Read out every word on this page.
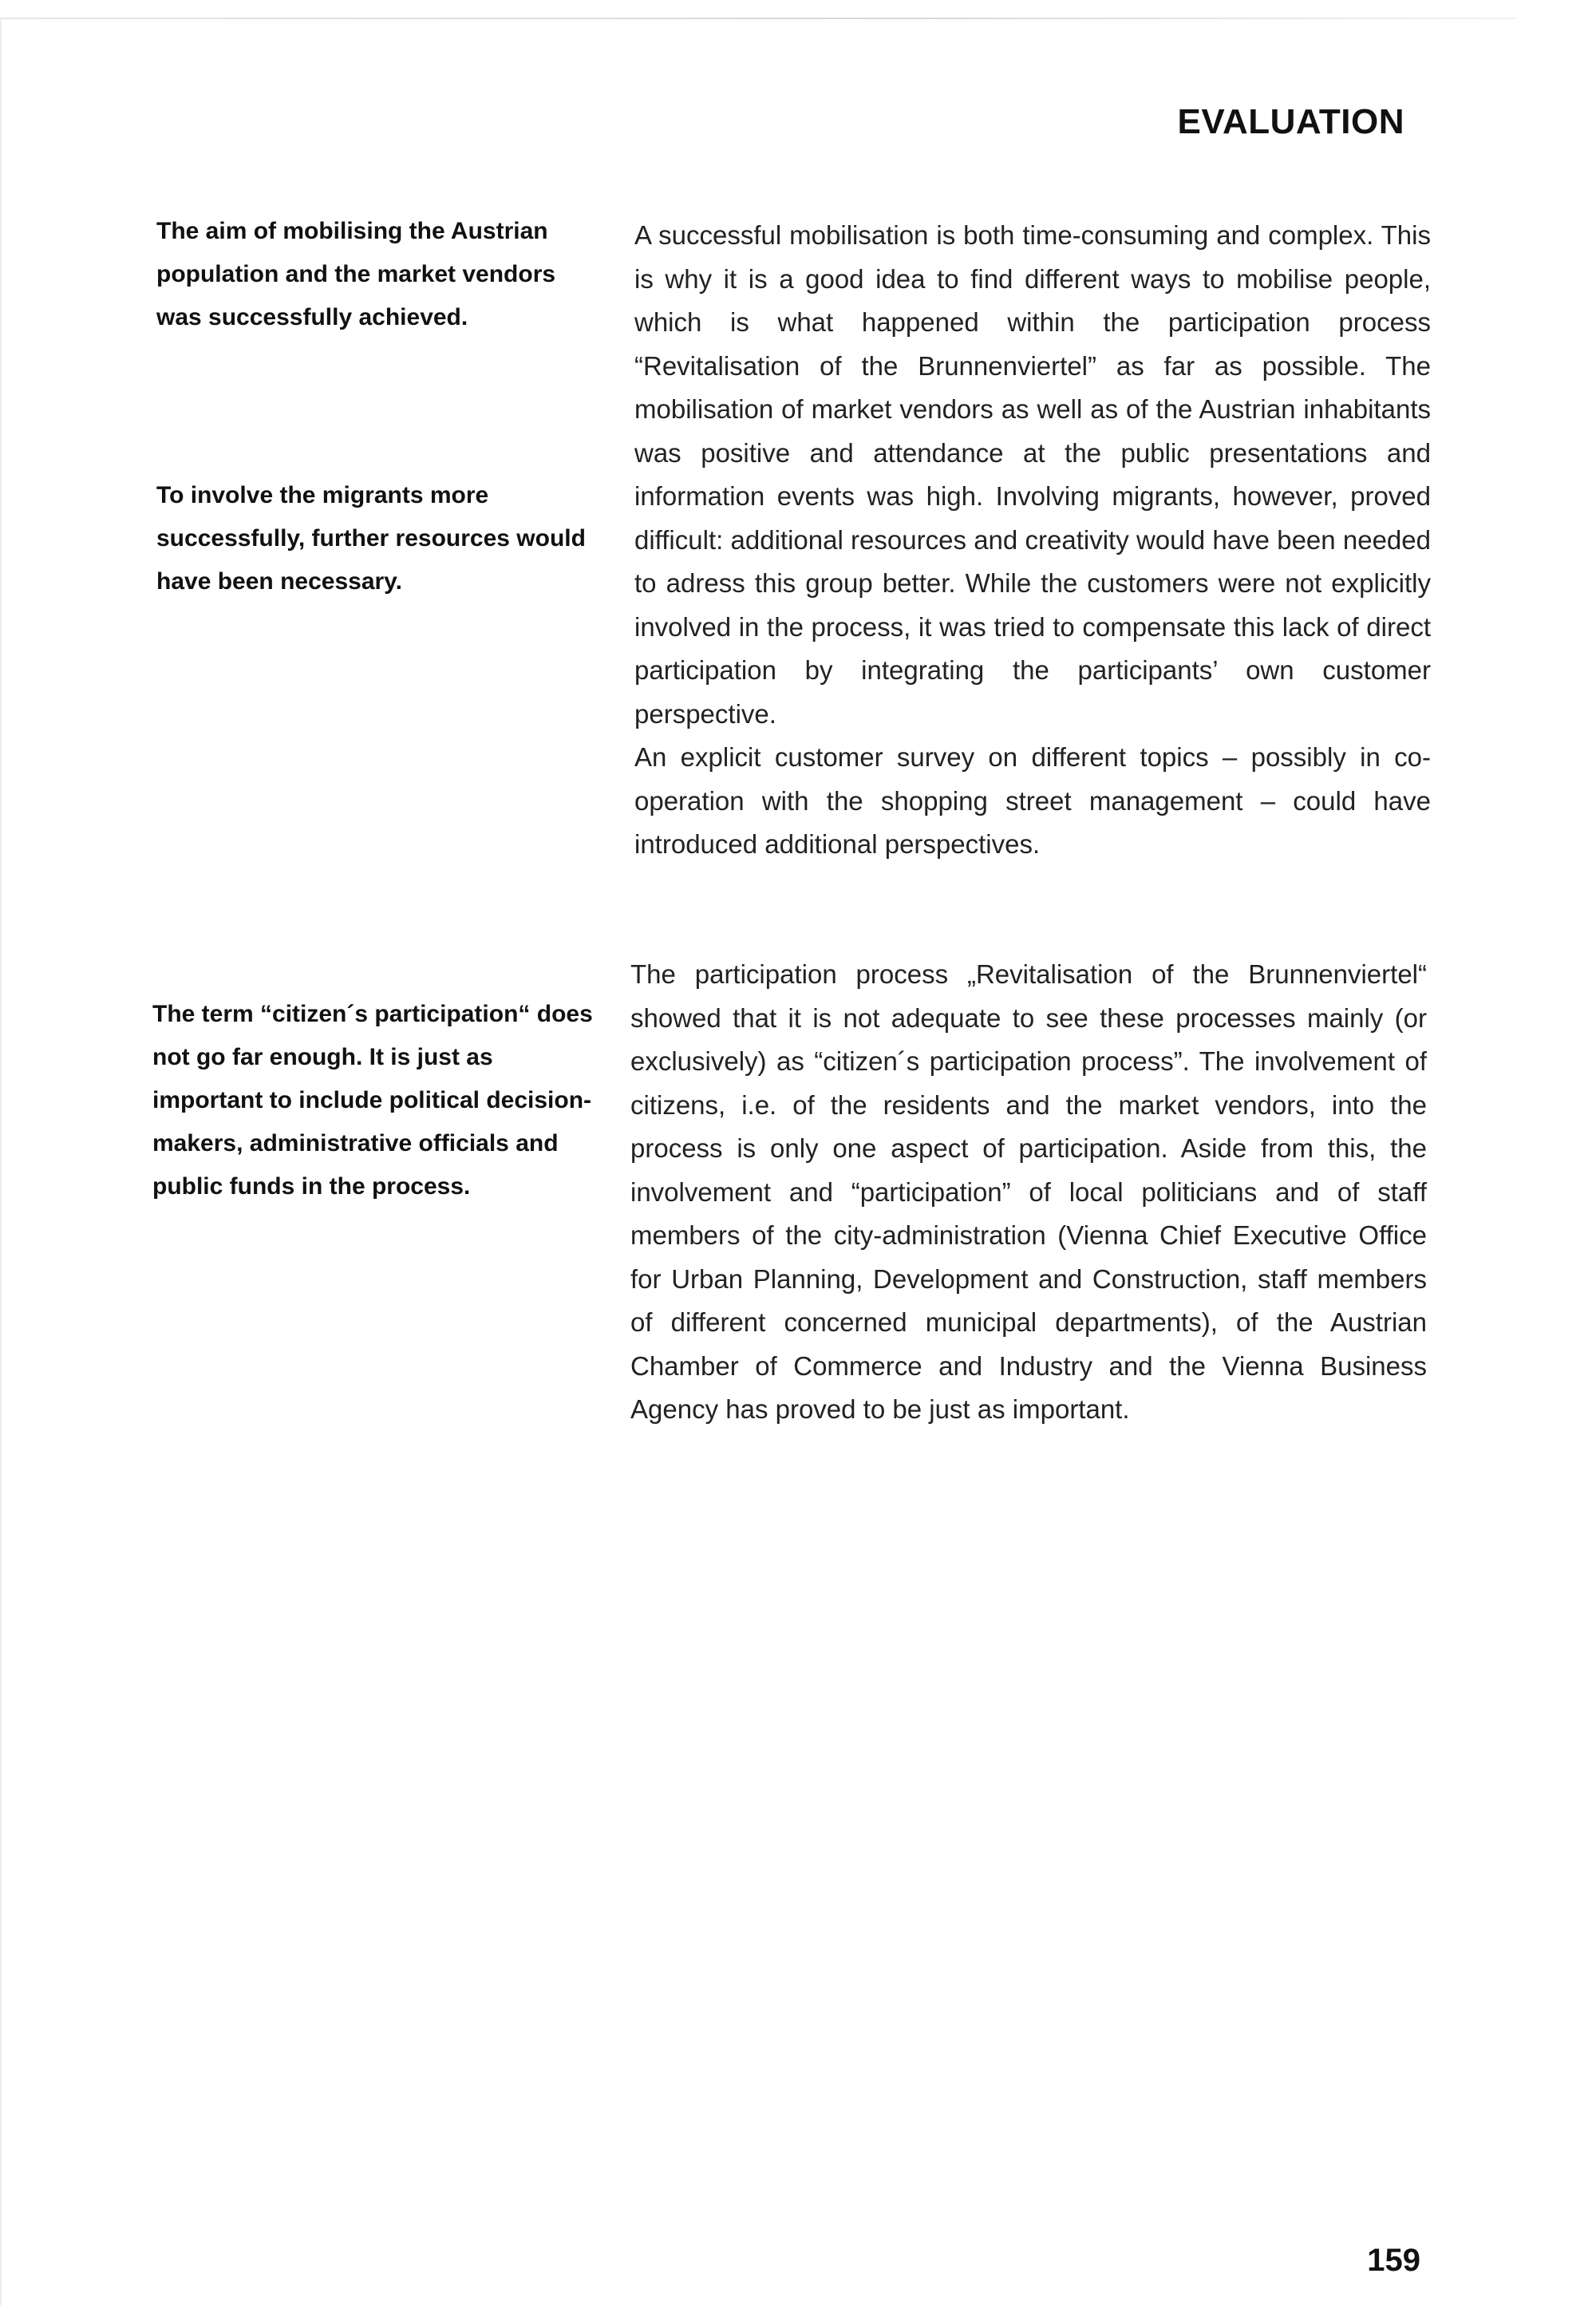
EVALUATION
The aim of mobilising the Austrian population and the market vendors was successfully achieved.
To involve the migrants more successfully, further resources would have been necessary.

A successful mobilisation is both time-consuming and complex. This is why it is a good idea to find different ways to mobilise people, which is what happened within the participation process “Revitalisation of the Brunnenviertel” as far as possible. The mobilisation of market vendors as well as of the Austrian inhabitants was positive and attendance at the public presentations and information events was high. Involving migrants, however, proved difficult: additional resources and creativity would have been needed to adress this group better. While the customers were not explicitly involved in the process, it was tried to compensate this lack of direct participation by integrating the participants’ own customer perspective.

An explicit customer survey on different topics – possibly in co-operation with the shopping street management – could have introduced additional perspectives.

The term “citizen´s participation“ does not go far enough. It is just as important to include political decision-makers, administrative officials and public funds in the process.

The participation process „Revitalisation of the Brunnenviertel“ showed that it is not adequate to see these processes mainly (or exclusively) as “citizen´s participation process”. The involvement of citizens, i.e. of the residents and the market vendors, into the process is only one aspect of participation. Aside from this, the involvement and “participation” of local politicians and of staff members of the city-administration (Vienna Chief Executive Office for Urban Planning, Development and Construction, staff members of different concerned municipal departments), of the Austrian Chamber of Commerce and Industry and the Vienna Business Agency has proved to be just as important.

159
